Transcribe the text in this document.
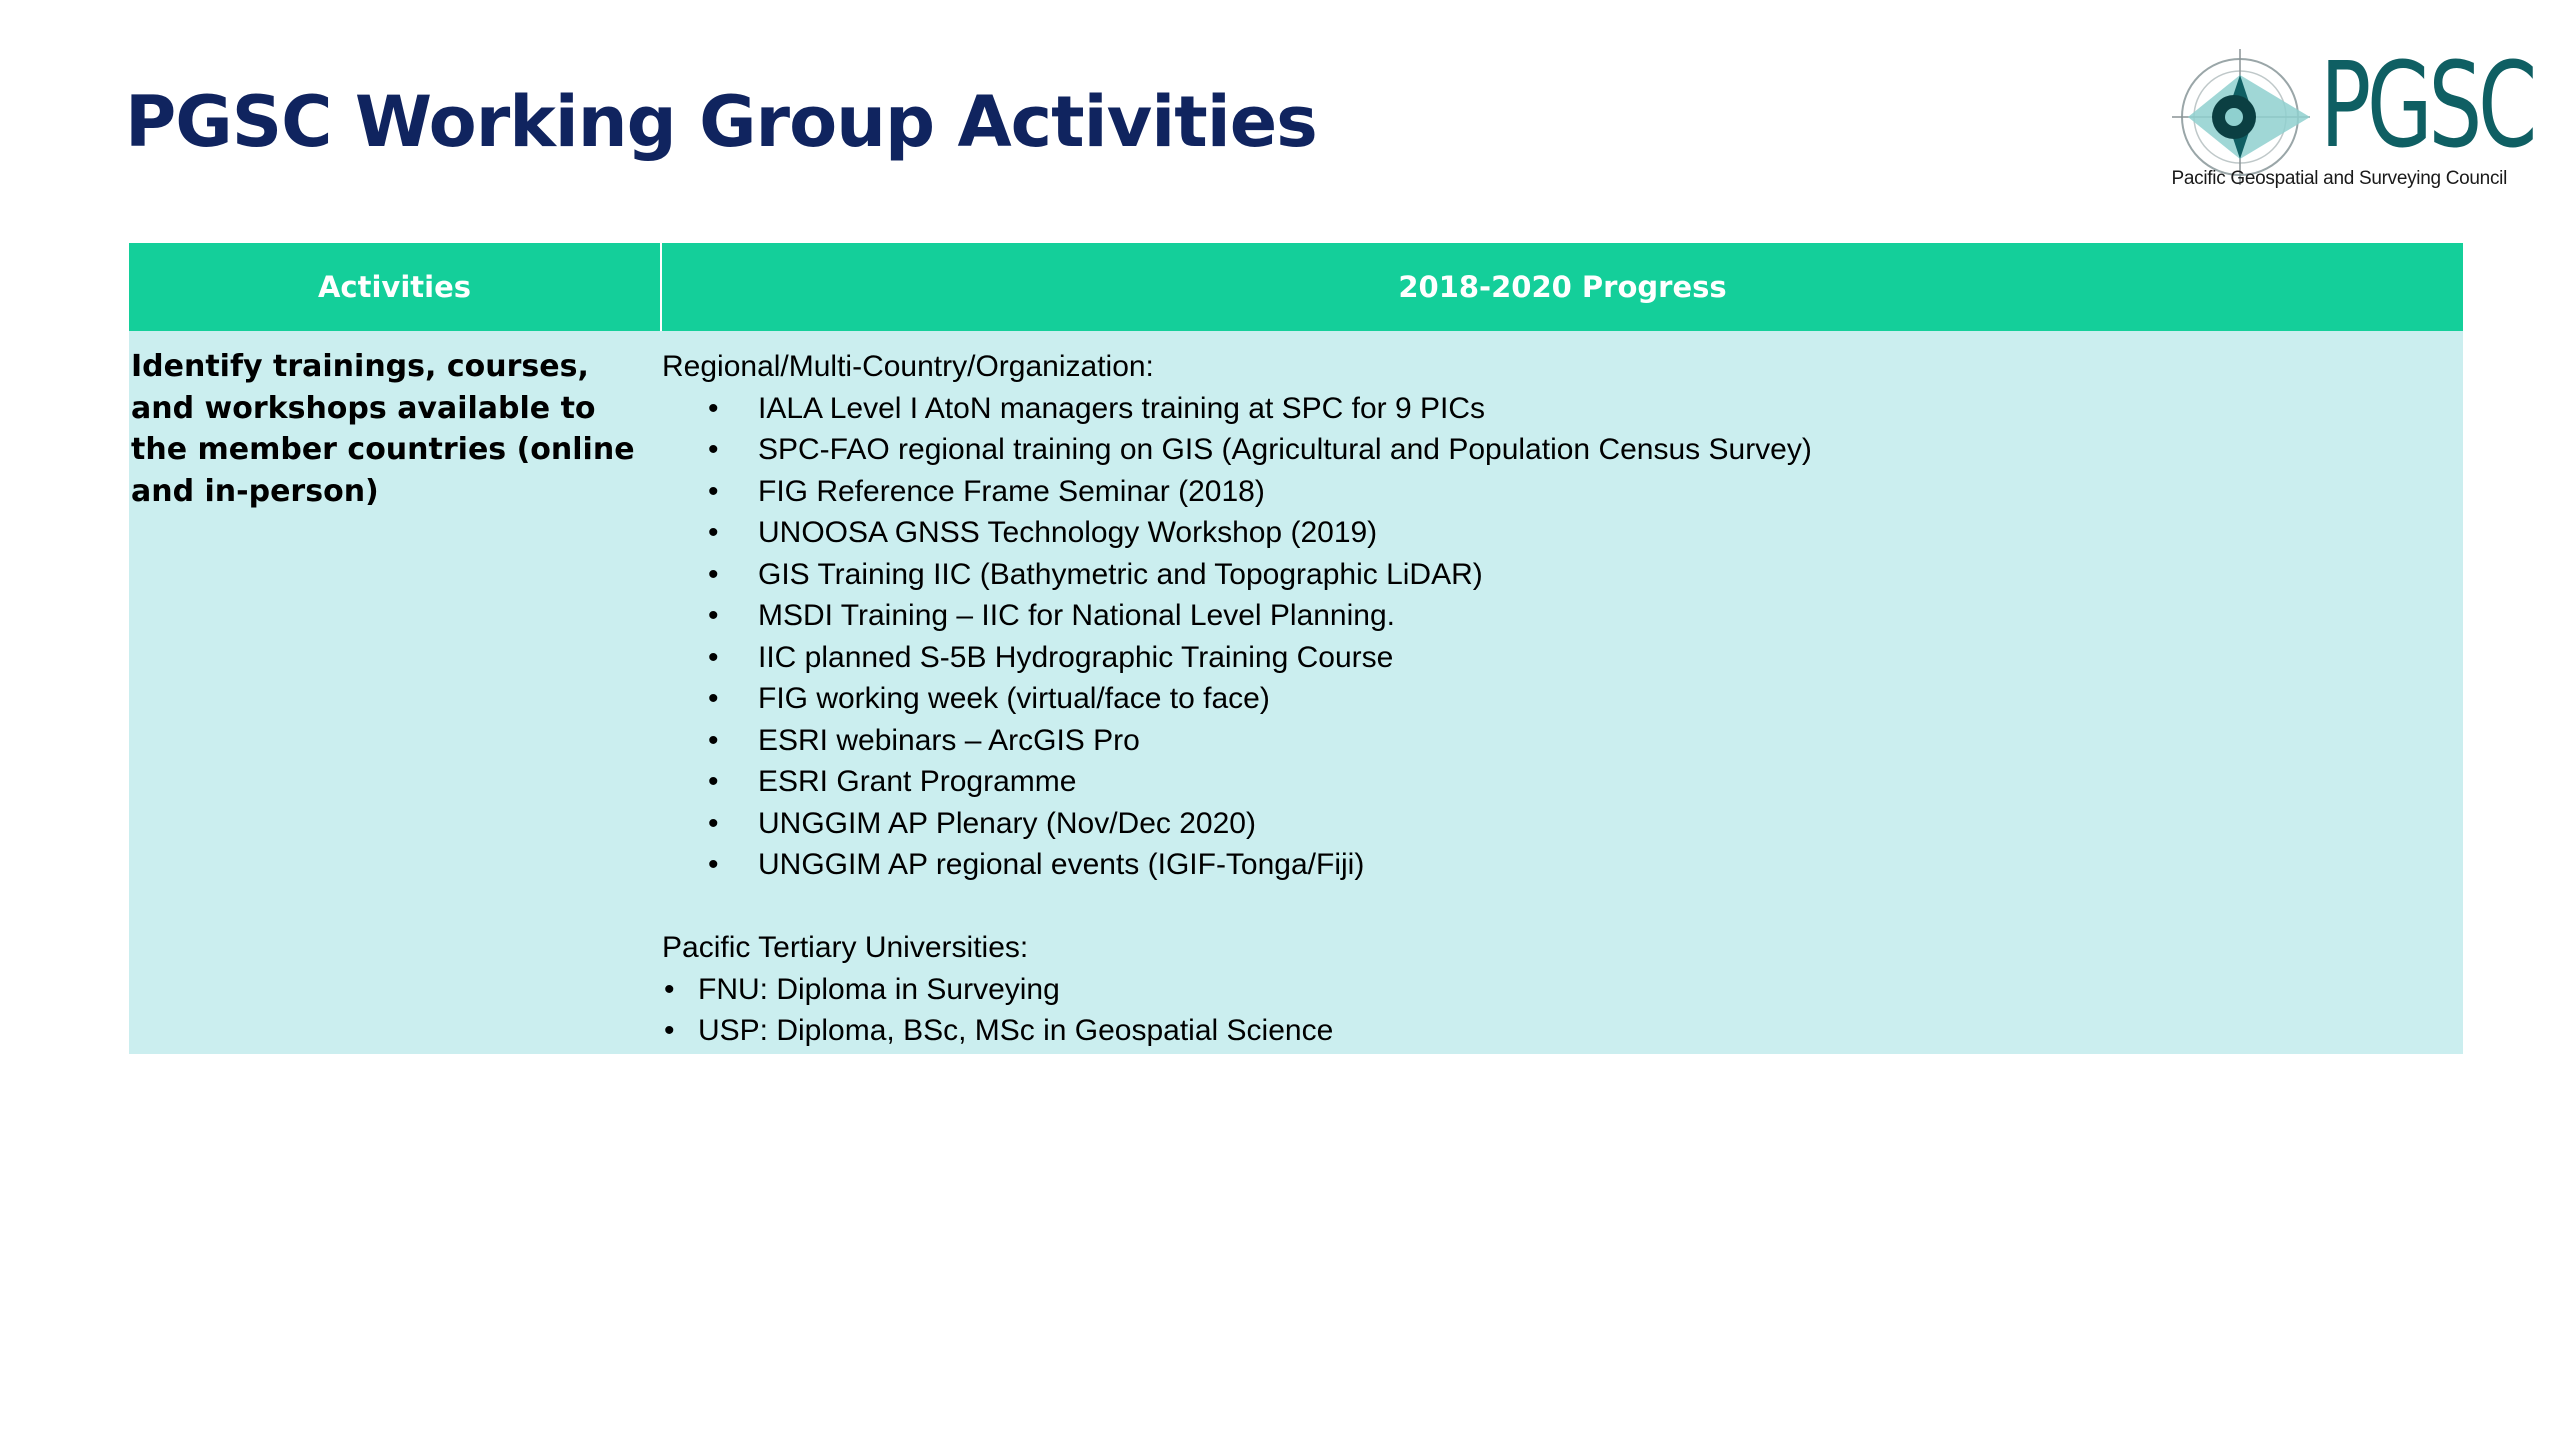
PGSC Working Group Activities	PGSC
Pacific Geospatial and Surveying Council
Activities	2018-2020 Progress
Identify trainings, courses, and workshops available to the member countries (online and in-person)
Regional/Multi-Country/Organization:
• IALA Level I AtoN managers training at SPC for 9 PICs
• SPC-FAO regional training on GIS (Agricultural and Population Census Survey)
• FIG Reference Frame Seminar (2018)
• UNOOSA GNSS Technology Workshop (2019)
• GIS Training IIC (Bathymetric and Topographic LiDAR)
• MSDI Training – IIC for National Level Planning.
• IIC planned S-5B Hydrographic Training Course
• FIG working week (virtual/face to face)
• ESRI webinars – ArcGIS Pro
• ESRI Grant Programme
• UNGGIM AP Plenary (Nov/Dec 2020)
• UNGGIM AP regional events (IGIF-Tonga/Fiji)
Pacific Tertiary Universities:
• FNU: Diploma in Surveying
• USP: Diploma, BSc, MSc in Geospatial Science
